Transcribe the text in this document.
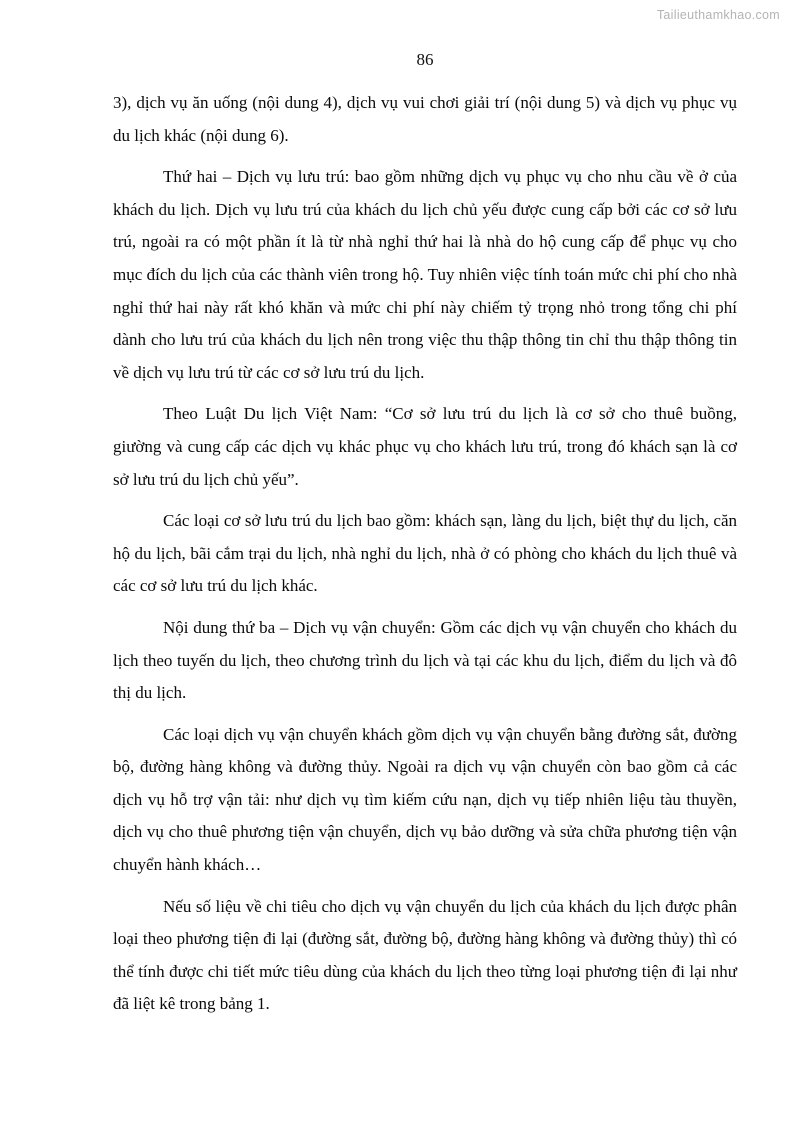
Tailieuthamkhao.com
86

3), dịch vụ ăn uống (nội dung 4), dịch vụ vui chơi giải trí (nội dung 5) và dịch vụ phục vụ du lịch khác (nội dung 6).

Thứ hai – Dịch vụ lưu trú: bao gồm những dịch vụ phục vụ cho nhu cầu về ở của khách du lịch. Dịch vụ lưu trú của khách du lịch chủ yếu được cung cấp bởi các cơ sở lưu trú, ngoài ra có một phần ít là từ nhà nghỉ thứ hai là nhà do hộ cung cấp để phục vụ cho mục đích du lịch của các thành viên trong hộ. Tuy nhiên việc tính toán mức chi phí cho nhà nghỉ thứ hai này rất khó khăn và mức chi phí này chiếm tỷ trọng nhỏ trong tổng chi phí dành cho lưu trú của khách du lịch nên trong việc thu thập thông tin chỉ thu thập thông tin về dịch vụ lưu trú từ các cơ sở lưu trú du lịch.

Theo Luật Du lịch Việt Nam: “Cơ sở lưu trú du lịch là cơ sở cho thuê buồng, giường và cung cấp các dịch vụ khác phục vụ cho khách lưu trú, trong đó khách sạn là cơ sở lưu trú du lịch chủ yếu”.

Các loại cơ sở lưu trú du lịch bao gồm: khách sạn, làng du lịch, biệt thự du lịch, căn hộ du lịch, bãi cắm trại du lịch, nhà nghỉ du lịch, nhà ở có phòng cho khách du lịch thuê và các cơ sở lưu trú du lịch khác.

Nội dung thứ ba – Dịch vụ vận chuyển: Gồm các dịch vụ vận chuyển cho khách du lịch theo tuyến du lịch, theo chương trình du lịch và tại các khu du lịch, điểm du lịch và đô thị du lịch.

Các loại dịch vụ vận chuyển khách gồm dịch vụ vận chuyển bằng đường sắt, đường bộ, đường hàng không và đường thủy. Ngoài ra dịch vụ vận chuyển còn bao gồm cả các dịch vụ hỗ trợ vận tải: như dịch vụ tìm kiếm cứu nạn, dịch vụ tiếp nhiên liệu tàu thuyền, dịch vụ cho thuê phương tiện vận chuyển, dịch vụ bảo dưỡng và sửa chữa phương tiện vận chuyển hành khách…

Nếu số liệu về chi tiêu cho dịch vụ vận chuyển du lịch của khách du lịch được phân loại theo phương tiện đi lại (đường sắt, đường bộ, đường hàng không và đường thủy) thì có thể tính được chi tiết mức tiêu dùng của khách du lịch theo từng loại phương tiện đi lại như đã liệt kê trong bảng 1.
